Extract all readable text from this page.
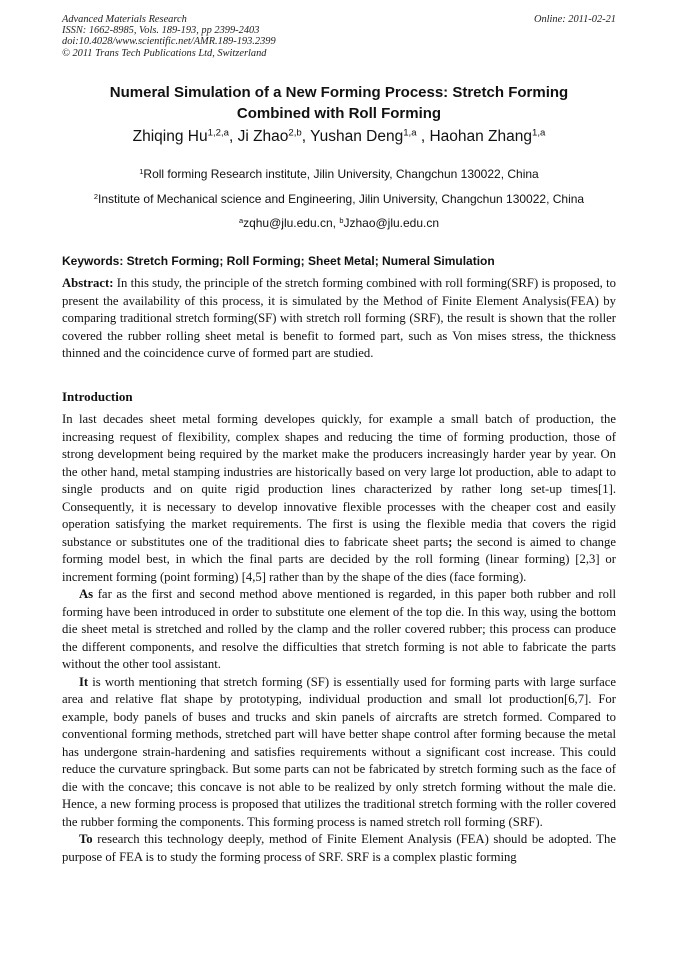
Advanced Materials Research
ISSN: 1662-8985, Vols. 189-193, pp 2399-2403
doi:10.4028/www.scientific.net/AMR.189-193.2399
© 2011 Trans Tech Publications Ltd, Switzerland
Online: 2011-02-21
Numeral Simulation of a New Forming Process: Stretch Forming
Combined with Roll Forming
Zhiqing Hu$^{1,2,a}$, Ji Zhao$^{2,b}$, Yushan Deng$^{1,a}$ , Haohan Zhang$^{1,a}$
$^1$Roll forming Research institute, Jilin University, Changchun 130022, China
$^2$Institute of Mechanical science and Engineering, Jilin University, Changchun 130022, China
$^a$zqhu@jlu.edu.cn, $^b$Jzhao@jlu.edu.cn
Keywords: Stretch Forming; Roll Forming; Sheet Metal; Numeral Simulation
Abstract: In this study, the principle of the stretch forming combined with roll forming(SRF) is proposed, to present the availability of this process, it is simulated by the Method of Finite Element Analysis(FEA) by comparing traditional stretch forming(SF) with stretch roll forming (SRF), the result is shown that the roller covered the rubber rolling sheet metal is benefit to formed part, such as Von mises stress, the thickness thinned and the coincidence curve of formed part are studied.
Introduction

In last decades sheet metal forming developes quickly, for example a small batch of production, the increasing request of flexibility, complex shapes and reducing the time of forming production, those of strong development being required by the market make the producers increasingly harder year by year. On the other hand, metal stamping industries are historically based on very large lot production, able to adapt to single products and on quite rigid production lines characterized by rather long set-up times[1]. Consequently, it is necessary to develop innovative flexible processes with the cheaper cost and easily operation satisfying the market requirements. The first is using the flexible media that covers the rigid substance or substitutes one of the traditional dies to fabricate sheet parts; the second is aimed to change forming model best, in which the final parts are decided by the roll forming (linear forming) [2,3] or increment forming (point forming) [4,5] rather than by the shape of the dies (face forming).

As far as the first and second method above mentioned is regarded, in this paper both rubber and roll forming have been introduced in order to substitute one element of the top die. In this way, using the bottom die sheet metal is stretched and rolled by the clamp and the roller covered rubber; this process can produce the different components, and resolve the difficulties that stretch forming is not able to fabricate the parts without the other tool assistant.

It is worth mentioning that stretch forming (SF) is essentially used for forming parts with large surface area and relative flat shape by prototyping, individual production and small lot production[6,7]. For example, body panels of buses and trucks and skin panels of aircrafts are stretch formed. Compared to conventional forming methods, stretched part will have better shape control after forming because the metal has undergone strain-hardening and satisfies requirements without a significant cost increase. This could reduce the curvature springback. But some parts can not be fabricated by stretch forming such as the face of die with the concave; this concave is not able to be realized by only stretch forming without the male die. Hence, a new forming process is proposed that utilizes the traditional stretch forming with the roller covered the rubber forming the components. This forming process is named stretch roll forming (SRF).

To research this technology deeply, method of Finite Element Analysis (FEA) should be adopted. The purpose of FEA is to study the forming process of SRF. SRF is a complex plastic forming
